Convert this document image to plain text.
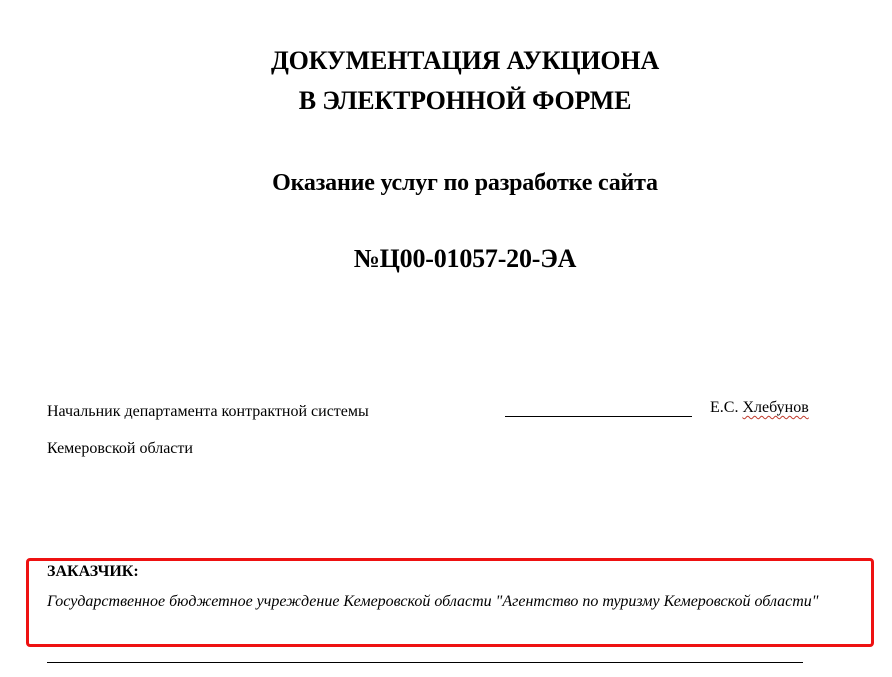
ДОКУМЕНТАЦИЯ АУКЦИОНА
В ЭЛЕКТРОННОЙ ФОРМЕ
Оказание услуг по разработке сайта
№Ц00-01057-20-ЭА
Начальник департамента контрактной системы	Е.С. Хлебунов
Кемеровской области
ЗАКАЗЧИК:
Государственное бюджетное учреждение Кемеровской области "Агентство по туризму Кемеровской области"
